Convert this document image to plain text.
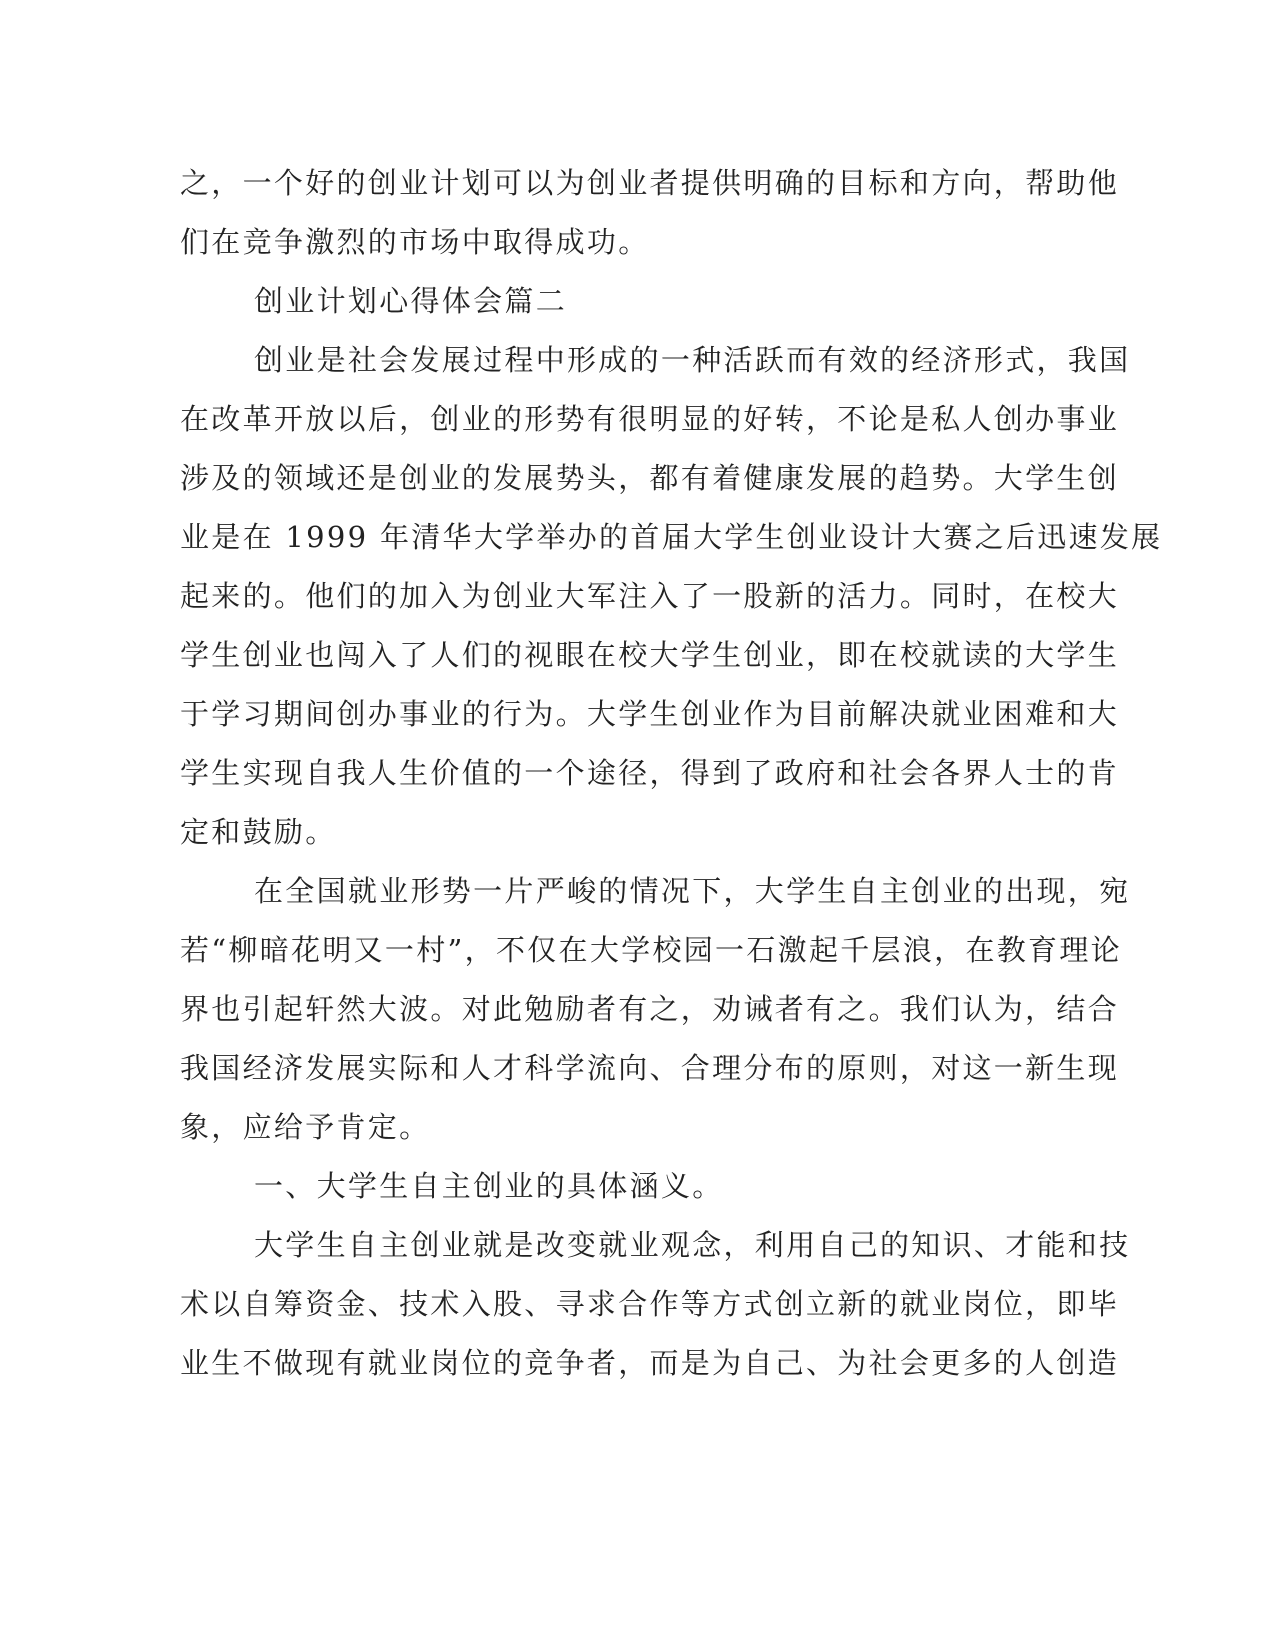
之，一个好的创业计划可以为创业者提供明确的目标和方向，帮助他
们在竞争激烈的市场中取得成功。
创业计划心得体会篇二
创业是社会发展过程中形成的一种活跃而有效的经济形式，我国
在改革开放以后，创业的形势有很明显的好转，不论是私人创办事业
涉及的领域还是创业的发展势头，都有着健康发展的趋势。大学生创
业是在 1999 年清华大学举办的首届大学生创业设计大赛之后迅速发展
起来的。他们的加入为创业大军注入了一股新的活力。同时，在校大
学生创业也闯入了人们的视眼在校大学生创业，即在校就读的大学生
于学习期间创办事业的行为。大学生创业作为目前解决就业困难和大
学生实现自我人生价值的一个途径，得到了政府和社会各界人士的肯
定和鼓励。
在全国就业形势一片严峻的情况下，大学生自主创业的出现，宛
若“柳暗花明又一村”，不仅在大学校园一石激起千层浪，在教育理论
界也引起轩然大波。对此勉励者有之，劝诫者有之。我们认为，结合
我国经济发展实际和人才科学流向、合理分布的原则，对这一新生现
象，应给予肯定。
一、大学生自主创业的具体涵义。
大学生自主创业就是改变就业观念，利用自己的知识、才能和技
术以自筹资金、技术入股、寻求合作等方式创立新的就业岗位，即毕
业生不做现有就业岗位的竞争者，而是为自己、为社会更多的人创造
